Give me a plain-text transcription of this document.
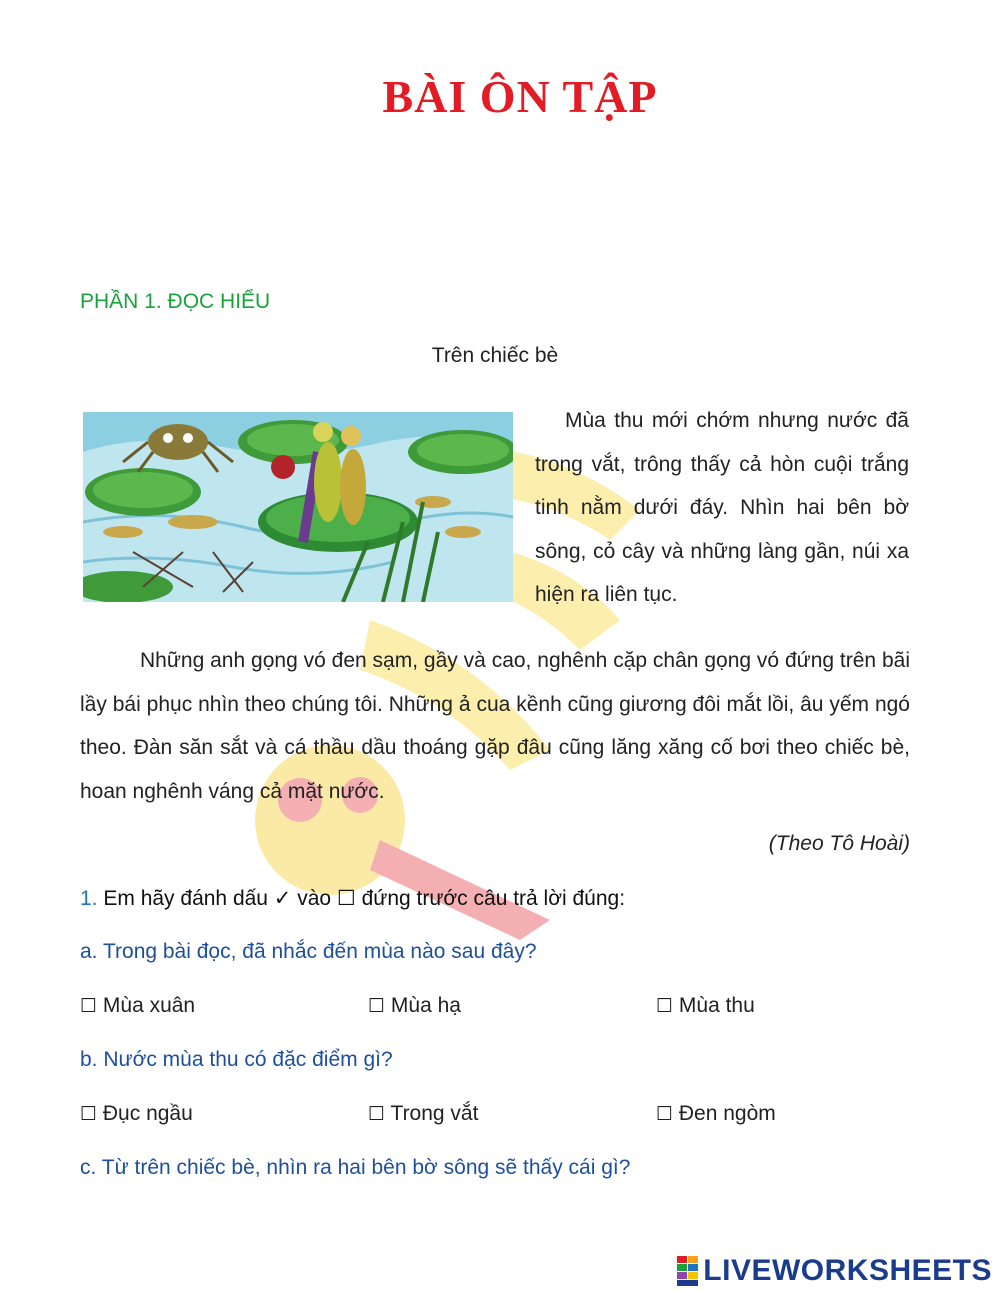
BÀI ÔN TẬP
PHẦN 1. ĐỌC HIỂU
Trên chiếc bè
Mùa thu mới chớm nhưng nước đã trong vắt, trông thấy cả hòn cuội trắng tinh nằm dưới đáy. Nhìn hai bên bờ sông, cỏ cây và những làng gần, núi xa hiện ra liên tục.
Những anh gọng vó đen sạm, gầy và cao, nghênh cặp chân gọng vó đứng trên bãi lầy bái phục nhìn theo chúng tôi. Những ả cua kềnh cũng giương đôi mắt lồi, âu yếm ngó theo. Đàn săn sắt và cá thầu dầu thoáng gặp đâu cũng lăng xăng cố bơi theo chiếc bè, hoan nghênh váng cả mặt nước.
(Theo Tô Hoài)
1. Em hãy đánh dấu ✓ vào ☐ đứng trước câu trả lời đúng:
a. Trong bài đọc, đã nhắc đến mùa nào sau đây?
☐ Mùa xuân	☐ Mùa hạ	☐ Mùa thu
b. Nước mùa thu có đặc điểm gì?
☐ Đục ngầu	☐ Trong vắt	☐ Đen ngòm
c. Từ trên chiếc bè, nhìn ra hai bên bờ sông sẽ thấy cái gì?
LIVEWORKSHEETS
